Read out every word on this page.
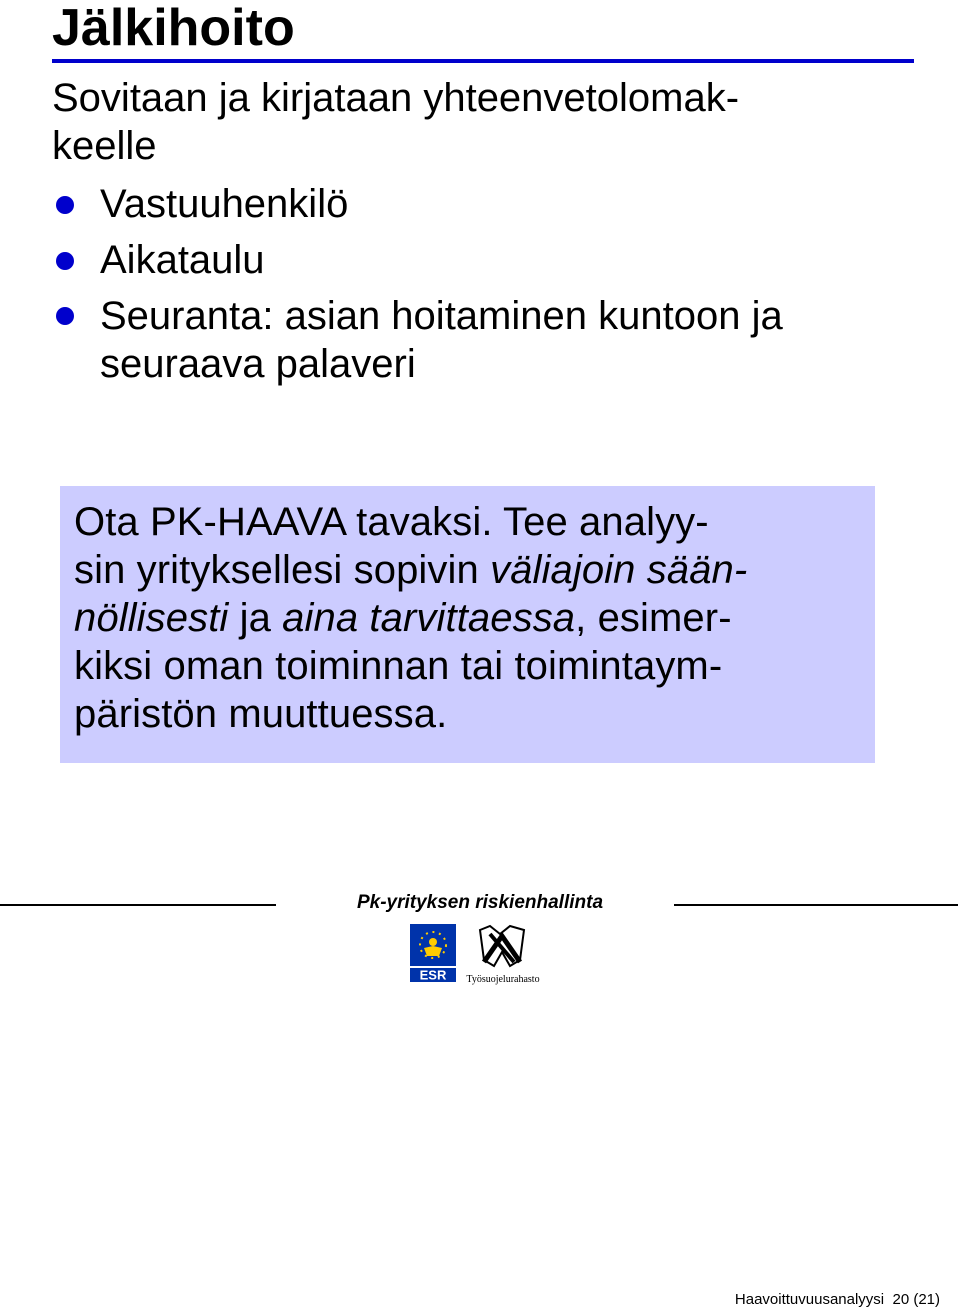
Jälkihoito
Sovitaan ja kirjataan yhteenvetolomak-
keelle
Vastuuhenkilö
Aikataulu
Seuranta: asian hoitaminen kuntoon ja
seuraava palaveri

Ota PK-HAAVA tavaksi. Tee analyy-
sin yrityksellesi sopivin väliajoin sään-
nöllisesti ja aina tarvittaessa, esimer-
kiksi oman toiminnan tai toimintaym-
päristön muuttuessa.

Pk-yrityksen riskienhallinta
ESR Työsuojelurahasto
Haavoittuvuusanalyysi  20 (21)
